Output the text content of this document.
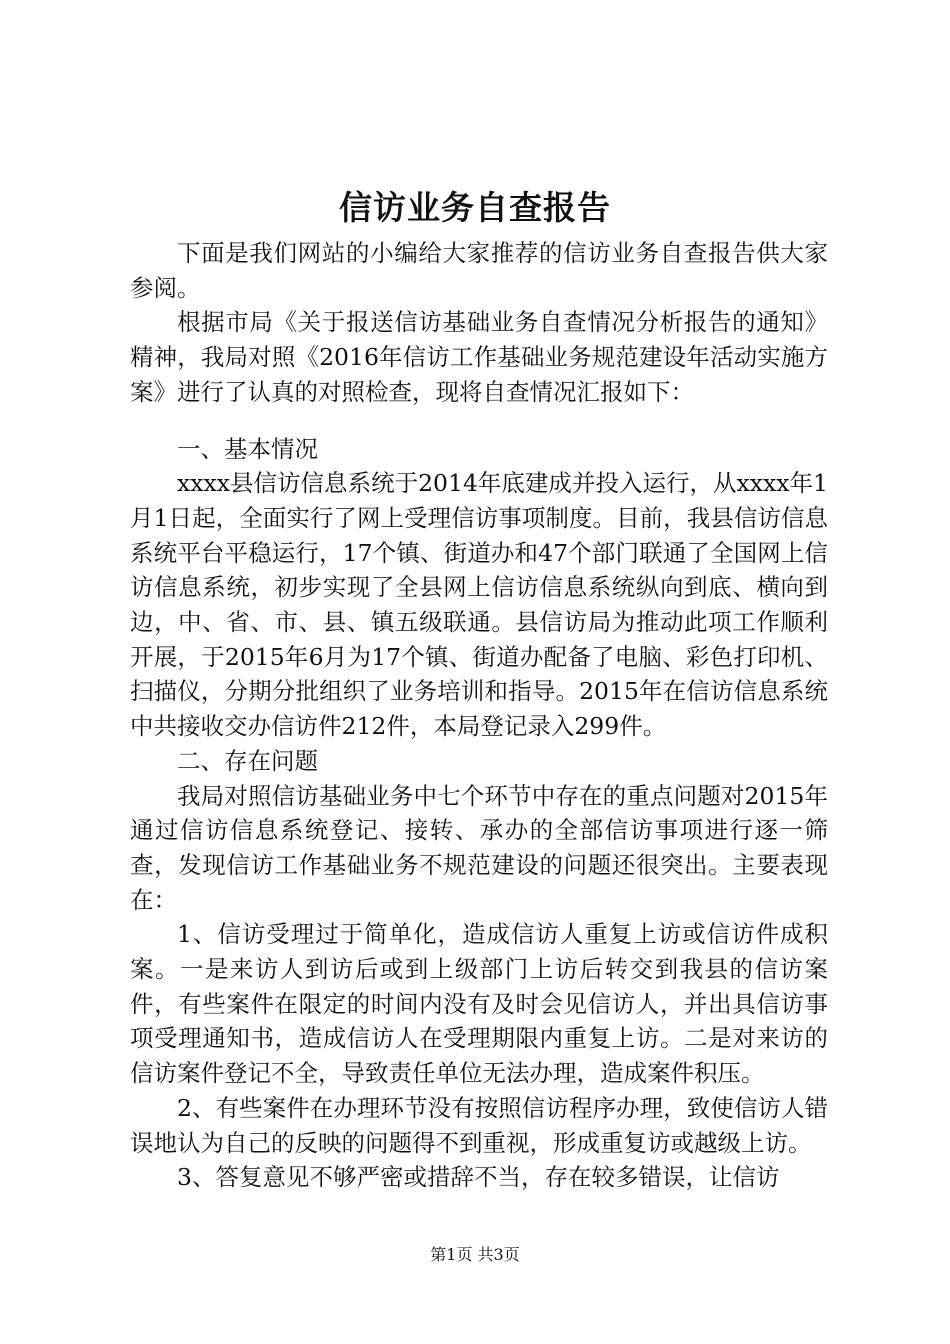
信访业务自查报告

下面是我们网站的小编给大家推荐的信访业务自查报告供大家参阅。

根据市局《关于报送信访基础业务自查情况分析报告的通知》精神，我局对照《2016年信访工作基础业务规范建设年活动实施方案》进行了认真的对照检查，现将自查情况汇报如下：

一、基本情况

xxxx县信访信息系统于2014年底建成并投入运行，从xxxx年1月1日起，全面实行了网上受理信访事项制度。目前，我县信访信息系统平台平稳运行，17个镇、街道办和47个部门联通了全国网上信访信息系统，初步实现了全县网上信访信息系统纵向到底、横向到边，中、省、市、县、镇五级联通。县信访局为推动此项工作顺利开展，于2015年6月为17个镇、街道办配备了电脑、彩色打印机、扫描仪，分期分批组织了业务培训和指导。2015年在信访信息系统中共接收交办信访件212件，本局登记录入299件。

二、存在问题

我局对照信访基础业务中七个环节中存在的重点问题对2015年通过信访信息系统登记、接转、承办的全部信访事项进行逐一筛查，发现信访工作基础业务不规范建设的问题还很突出。主要表现在：

1、信访受理过于简单化，造成信访人重复上访或信访件成积案。一是来访人到访后或到上级部门上访后转交到我县的信访案件，有些案件在限定的时间内没有及时会见信访人，并出具信访事项受理通知书，造成信访人在受理期限内重复上访。二是对来访的信访案件登记不全，导致责任单位无法办理，造成案件积压。

2、有些案件在办理环节没有按照信访程序办理，致使信访人错误地认为自己的反映的问题得不到重视，形成重复访或越级上访。

3、答复意见不够严密或措辞不当，存在较多错误，让信访

第1页 共3页
